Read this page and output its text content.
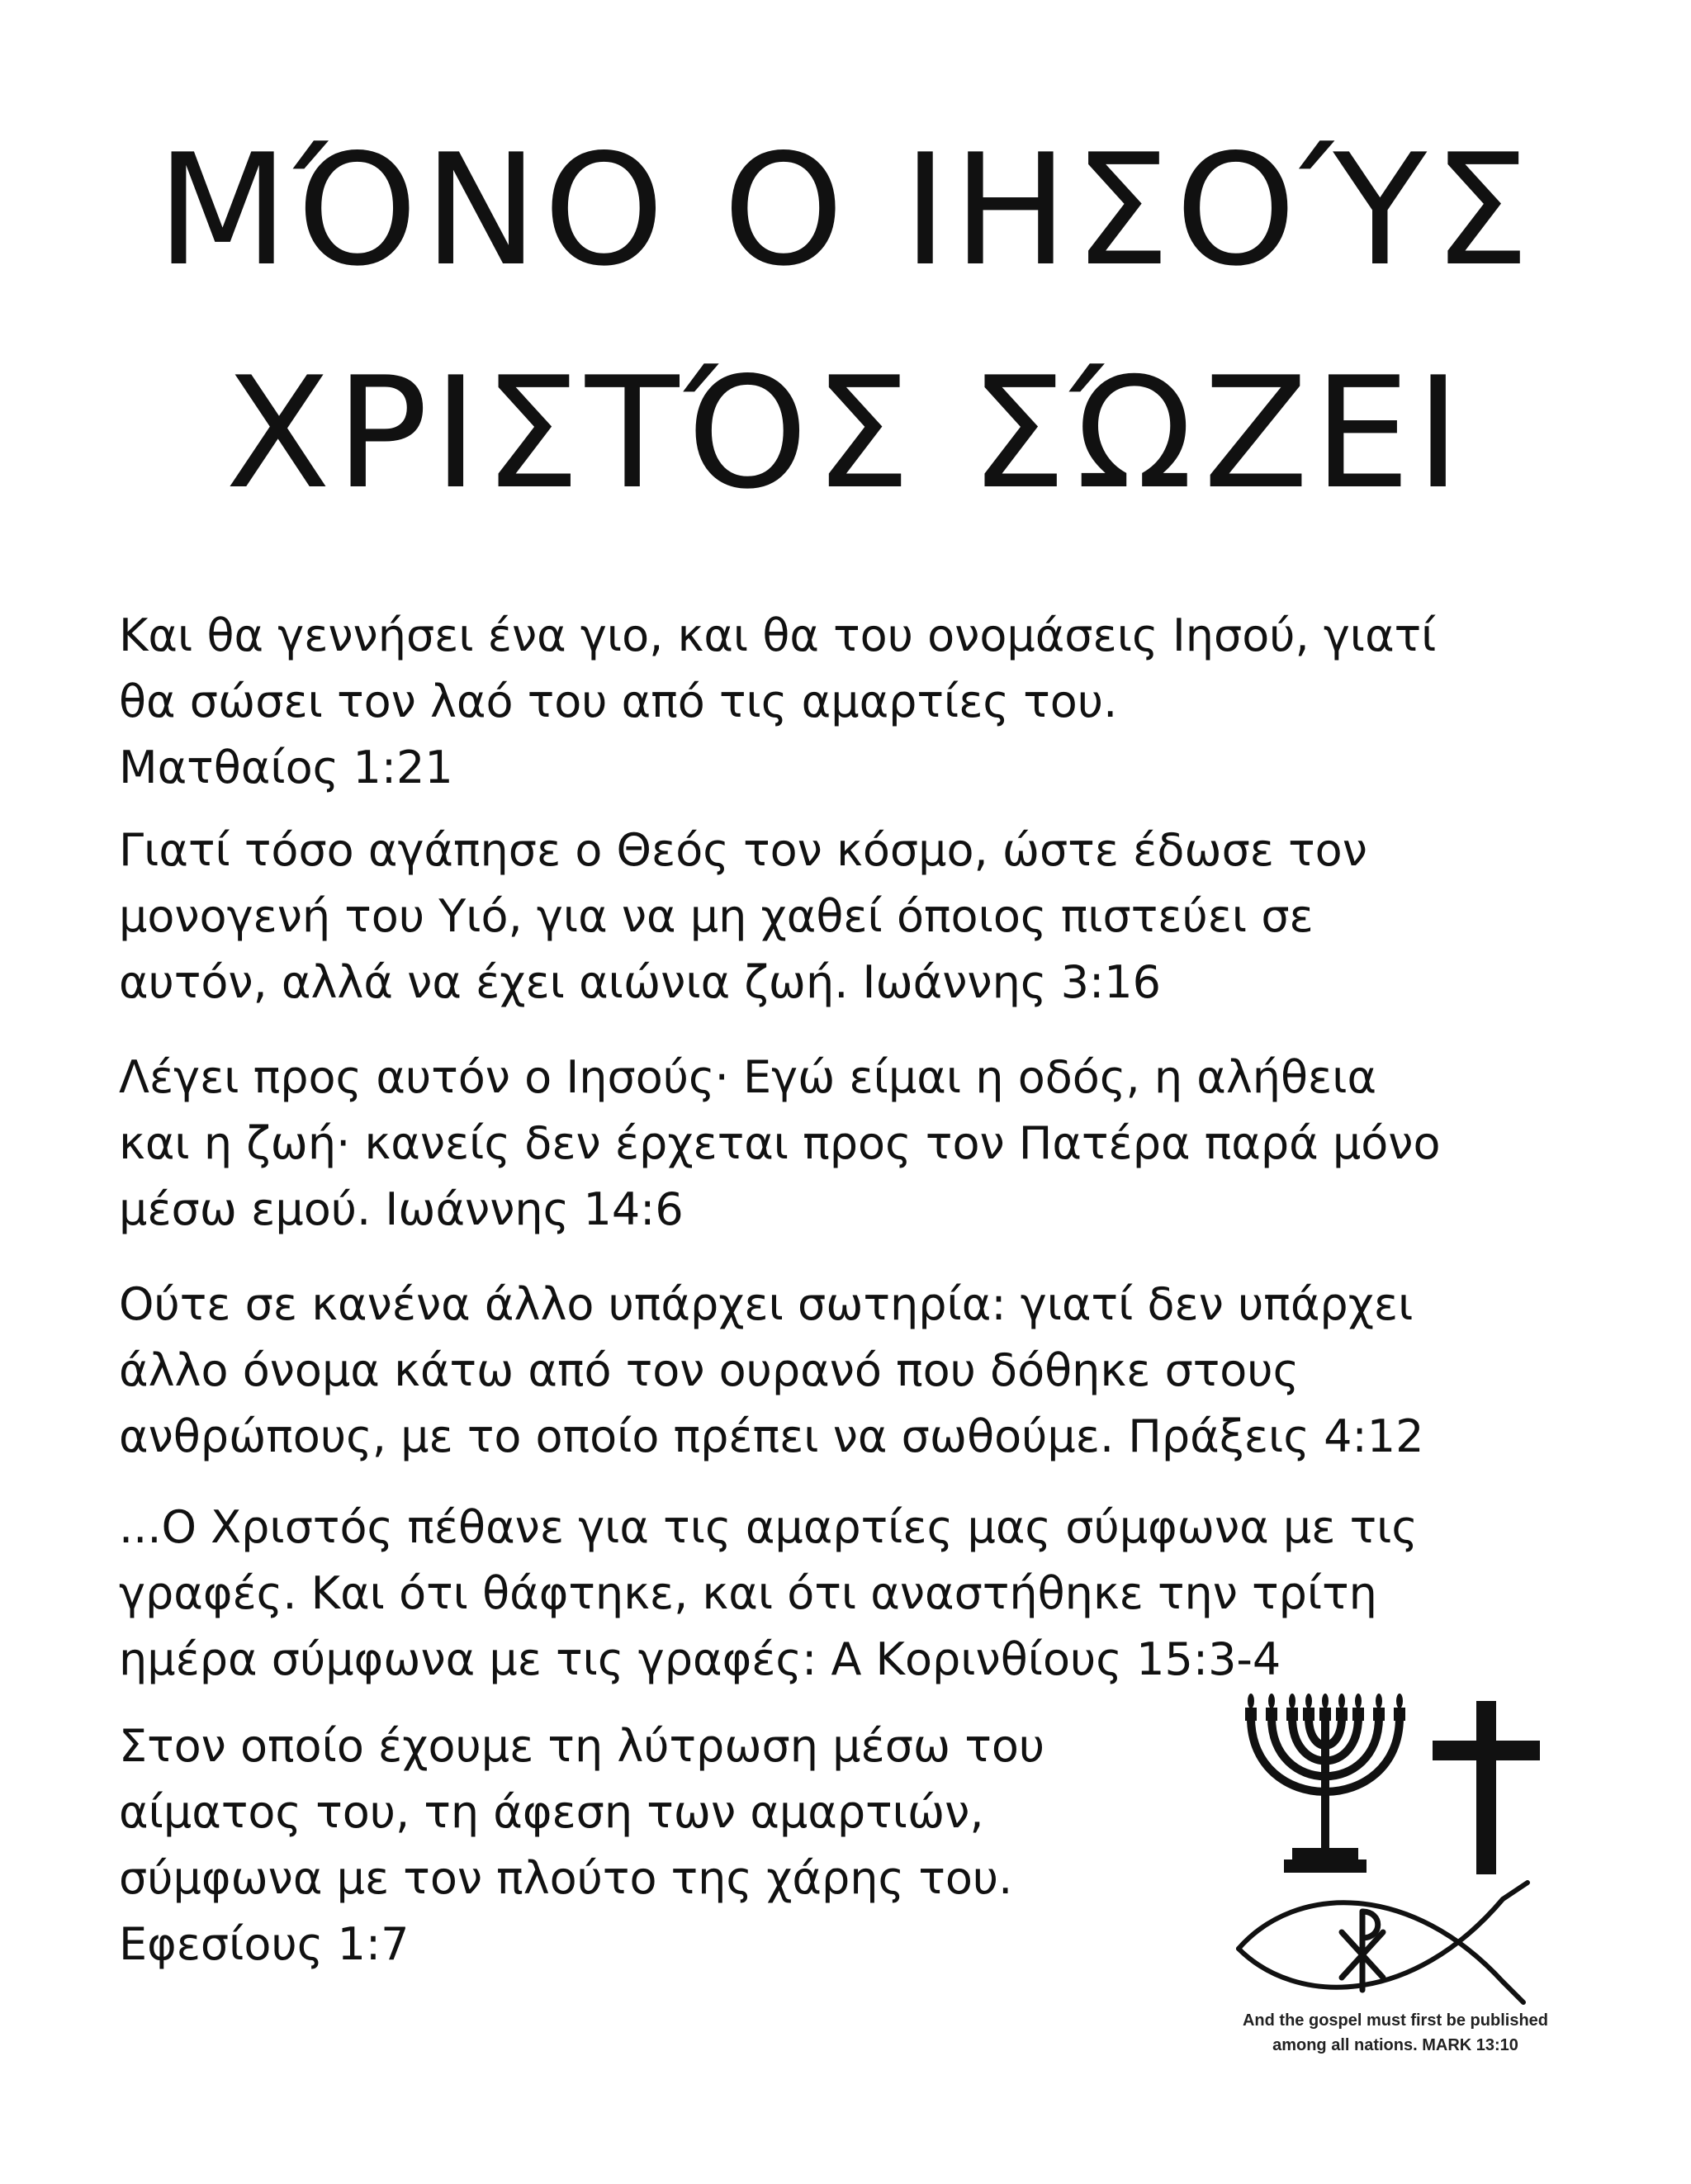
ΜΌΝΟ Ο ΙΗΣΟΎΣ
ΧΡΙΣΤΌΣ ΣΏΖΕΙ

Και θα γεννήσει ένα γιο, και θα του ονομάσεις Ιησού, γιατί
θα σώσει τον λαό του από τις αμαρτίες του.
Ματθαίος 1:21

Γιατί τόσο αγάπησε ο Θεός τον κόσμο, ώστε έδωσε τον
μονογενή του Υιό, για να μη χαθεί όποιος πιστεύει σε
αυτόν, αλλά να έχει αιώνια ζωή. Ιωάννης 3:16

Λέγει προς αυτόν ο Ιησούς· Εγώ είμαι η οδός, η αλήθεια
και η ζωή· κανείς δεν έρχεται προς τον Πατέρα παρά μόνο
μέσω εμού. Ιωάννης 14:6

Ούτε σε κανένα άλλο υπάρχει σωτηρία: γιατί δεν υπάρχει
άλλο όνομα κάτω από τον ουρανό που δόθηκε στους
ανθρώπους, με το οποίο πρέπει να σωθούμε. Πράξεις 4:12

...Ο Χριστός πέθανε για τις αμαρτίες μας σύμφωνα με τις
γραφές. Και ότι θάφτηκε, και ότι αναστήθηκε την τρίτη
ημέρα σύμφωνα με τις γραφές: Α Κορινθίους 15:3-4

Στον οποίο έχουμε τη λύτρωση μέσω του
αίματος του, τη άφεση των αμαρτιών,
σύμφωνα με τον πλούτο της χάρης του.
Εφεσίους 1:7

And the gospel must first be published
among all nations. MARK 13:10
